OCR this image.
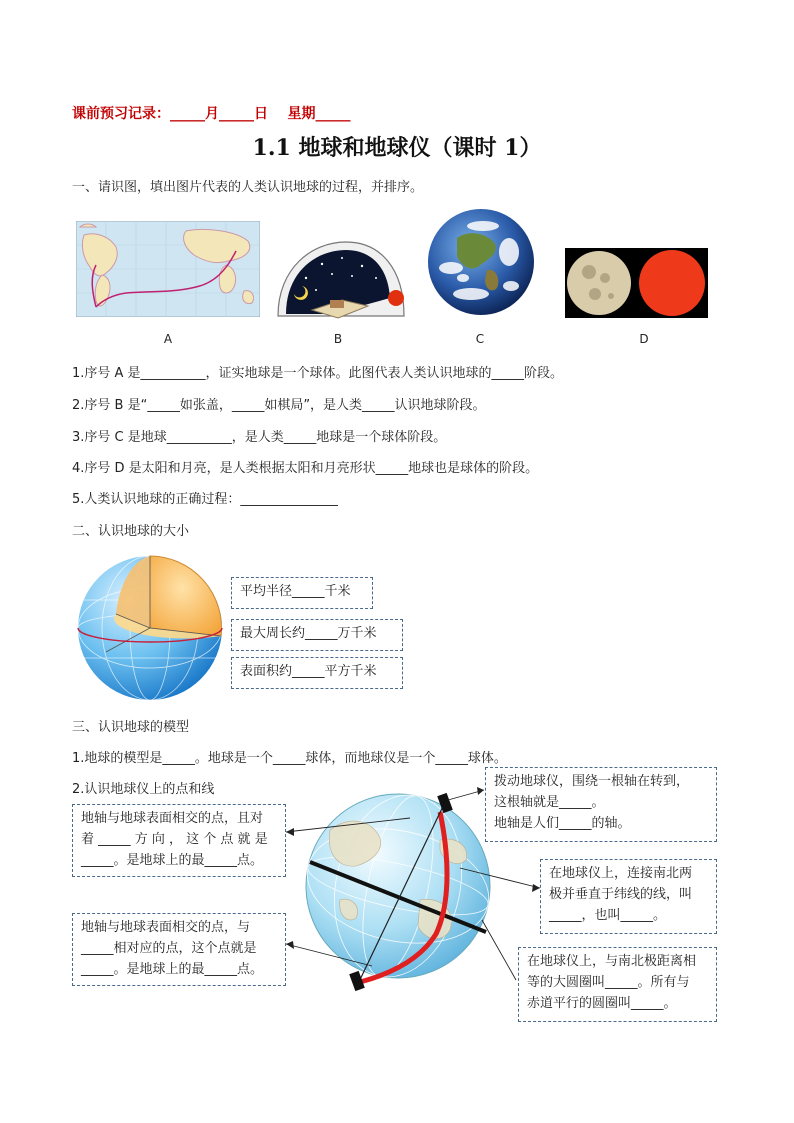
课前预习记录：_____月_____日    星期_____
1.1 地球和地球仪（课时 1）
一、请识图，填出图片代表的人类认识地球的过程，并排序。
A	B	C	D
1.序号 A 是__________，证实地球是一个球体。此图代表人类认识地球的_____阶段。
2.序号 B 是“_____如张盖，_____如棋局”，是人类_____认识地球阶段。
3.序号 C 是地球__________，是人类_____地球是一个球体阶段。
4.序号 D 是太阳和月亮，是人类根据太阳和月亮形状_____地球也是球体的阶段。
5.人类认识地球的正确过程：_______________
二、认识地球的大小
平均半径_____千米
最大周长约_____万千米
表面积约_____平方千米
三、认识地球的模型
1.地球的模型是_____。地球是一个_____球体，而地球仪是一个_____球体。
2.认识地球仪上的点和线
地轴与地球表面相交的点，且对
着 _____ 方 向 ， 这 个 点 就 是
_____。是地球上的最_____点。
地轴与地球表面相交的点，与
_____相对应的点，这个点就是
_____。是地球上的最_____点。
拨动地球仪，围绕一根轴在转到，
这根轴就是_____。
地轴是人们_____的轴。
在地球仪上，连接南北两
极并垂直于纬线的线，叫
_____，也叫_____。
在地球仪上，与南北极距离相
等的大圆圈叫_____。所有与
赤道平行的圆圈叫_____。
